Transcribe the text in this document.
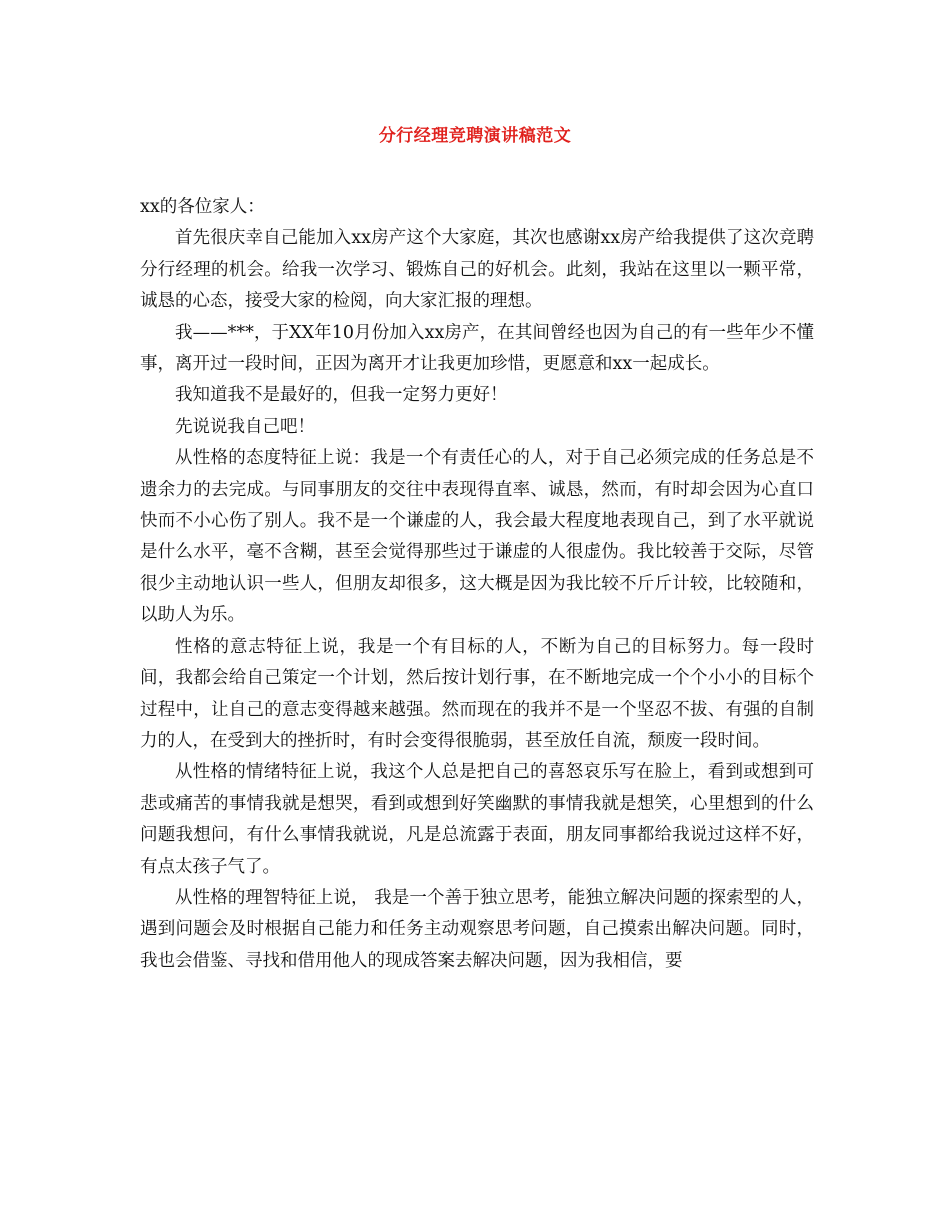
分行经理竞聘演讲稿范文

xx的各位家人：

首先很庆幸自己能加入xx房产这个大家庭，其次也感谢xx房产给我提供了这次竞聘分行经理的机会。给我一次学习、锻炼自己的好机会。此刻，我站在这里以一颗平常，诚恳的心态，接受大家的检阅，向大家汇报的理想。

我——***，于XX年10月份加入xx房产，在其间曾经也因为自己的有一些年少不懂事，离开过一段时间，正因为离开才让我更加珍惜，更愿意和xx一起成长。

我知道我不是最好的，但我一定努力更好！

先说说我自己吧！

从性格的态度特征上说：我是一个有责任心的人，对于自己必须完成的任务总是不遗余力的去完成。与同事朋友的交往中表现得直率、诚恳，然而，有时却会因为心直口快而不小心伤了别人。我不是一个谦虚的人，我会最大程度地表现自己，到了水平就说是什么水平，毫不含糊，甚至会觉得那些过于谦虚的人很虚伪。我比较善于交际，尽管很少主动地认识一些人，但朋友却很多，这大概是因为我比较不斤斤计较，比较随和，以助人为乐。

性格的意志特征上说，我是一个有目标的人，不断为自己的目标努力。每一段时间，我都会给自己策定一个计划，然后按计划行事，在不断地完成一个个小小的目标个过程中，让自己的意志变得越来越强。然而现在的我并不是一个坚忍不拔、有强的自制力的人，在受到大的挫折时，有时会变得很脆弱，甚至放任自流，颓废一段时间。

从性格的情绪特征上说，我这个人总是把自己的喜怒哀乐写在脸上，看到或想到可悲或痛苦的事情我就是想哭，看到或想到好笑幽默的事情我就是想笑，心里想到的什么问题我想问，有什么事情我就说，凡是总流露于表面，朋友同事都给我说过这样不好，有点太孩子气了。

从性格的理智特征上说， 我是一个善于独立思考，能独立解决问题的探索型的人，遇到问题会及时根据自己能力和任务主动观察思考问题，自己摸索出解决问题。同时，我也会借鉴、寻找和借用他人的现成答案去解决问题，因为我相信，要
